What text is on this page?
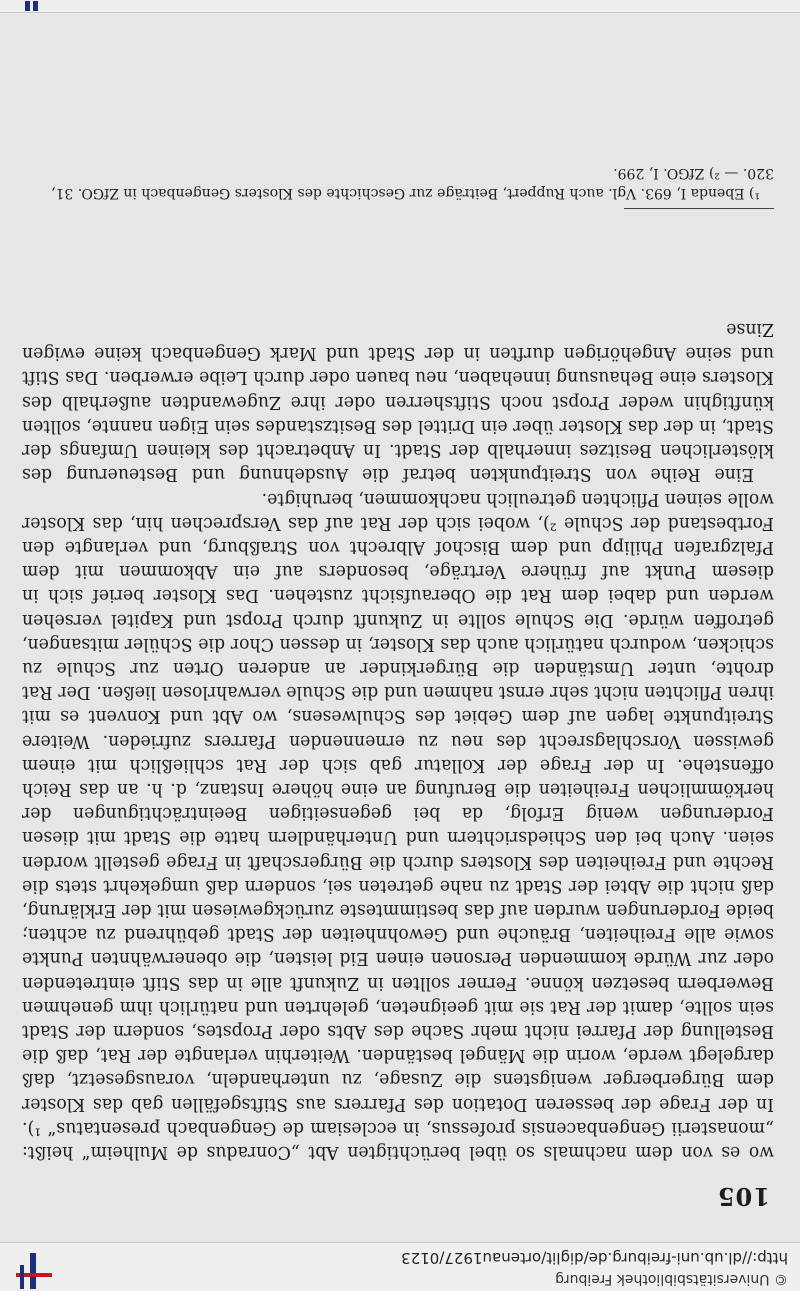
© Universitätsbibliothek Freiburg
http://dl.ub.uni-freiburg.de/diglit/ortenau1927/0123
105

wo es von dem nachmals so übel berüchtigten Abt „Conradus de Mulheim“ heißt: „monasterii Gengenbacensis professus, in ecclesiam de Gengenbach presentatus“ ¹). In der Frage der besseren Dotation des Pfarrers aus Stiftsgefällen gab das Kloster dem Bürgerberger wenigstens die Zusage, zu unterhandeln, vorausgesetzt, daß dargelegt werde, worin die Mängel beständen. Weiterhin verlangte der Rat, daß die Bestellung der Pfarrei nicht mehr Sache des Abts oder Propstes, sondern der Stadt sein sollte, damit der Rat sie mit geeigneten, gelehrten und natürlich ihm genehmen Bewerbern besetzen könne. Ferner sollten in Zukunft alle in das Stift eintretenden oder zur Würde kommenden Personen einen Eid leisten, die obenerwähnten Punkte sowie alle Freiheiten, Bräuche und Gewohnheiten der Stadt gebührend zu achten; beide Forderungen wurden auf das bestimmteste zurückgewiesen mit der Erklärung, daß nicht die Abtei der Stadt zu nahe getreten sei, sondern daß umgekehrt stets die Rechte und Freiheiten des Klosters durch die Bürgerschaft in Frage gestellt worden seien. Auch bei den Schiedsrichtern und Unterhändlern hatte die Stadt mit diesen Forderungen wenig Erfolg, da bei gegenseitigen Beeinträchtigungen der herkömmlichen Freiheiten die Berufung an eine höhere Instanz, d. h. an das Reich offenstehe. In der Frage der Kollatur gab sich der Rat schließlich mit einem gewissen Vorschlagsrecht des neu zu ernennenden Pfarrers zufrieden. Weitere Streitpunkte lagen auf dem Gebiet des Schulwesens, wo Abt und Konvent es mit ihren Pflichten nicht sehr ernst nahmen und die Schule verwahrlosen ließen. Der Rat drohte, unter Umständen die Bürgerkinder an anderen Orten zur Schule zu schicken, wodurch natürlich auch das Kloster, in dessen Chor die Schüler mitsangen, getroffen würde. Die Schule sollte in Zukunft durch Propst und Kapitel versehen werden und dabei dem Rat die Oberaufsicht zustehen. Das Kloster berief sich in diesem Punkt auf frühere Verträge, besonders auf ein Abkommen mit dem Pfalzgrafen Philipp und dem Bischof Albrecht von Straßburg, und verlangte den Fortbestand der Schule ²), wobei sich der Rat auf das Versprechen hin, das Kloster wolle seinen Pflichten getreulich nachkommen, beruhigte.

Eine Reihe von Streitpunkten betraf die Ausdehnung und Besteuerung des klösterlichen Besitzes innerhalb der Stadt. In Anbetracht des kleinen Umfangs der Stadt, in der das Kloster über ein Drittel des Besitzstandes sein Eigen nannte, sollten künftighin weder Propst noch Stiftsherren oder ihre Zugewandten außerhalb des Klosters eine Behausung innehaben, neu bauen oder durch Leibe erwerben. Das Stift und seine Angehörigen durften in der Stadt und Mark Gengenbach keine ewigen Zinse

¹) Ebenda I, 693. Vgl. auch Ruppert, Beiträge zur Geschichte des Klosters Gengenbach in ZfGO. 31, 320. — ²) ZfGO. I, 299.
